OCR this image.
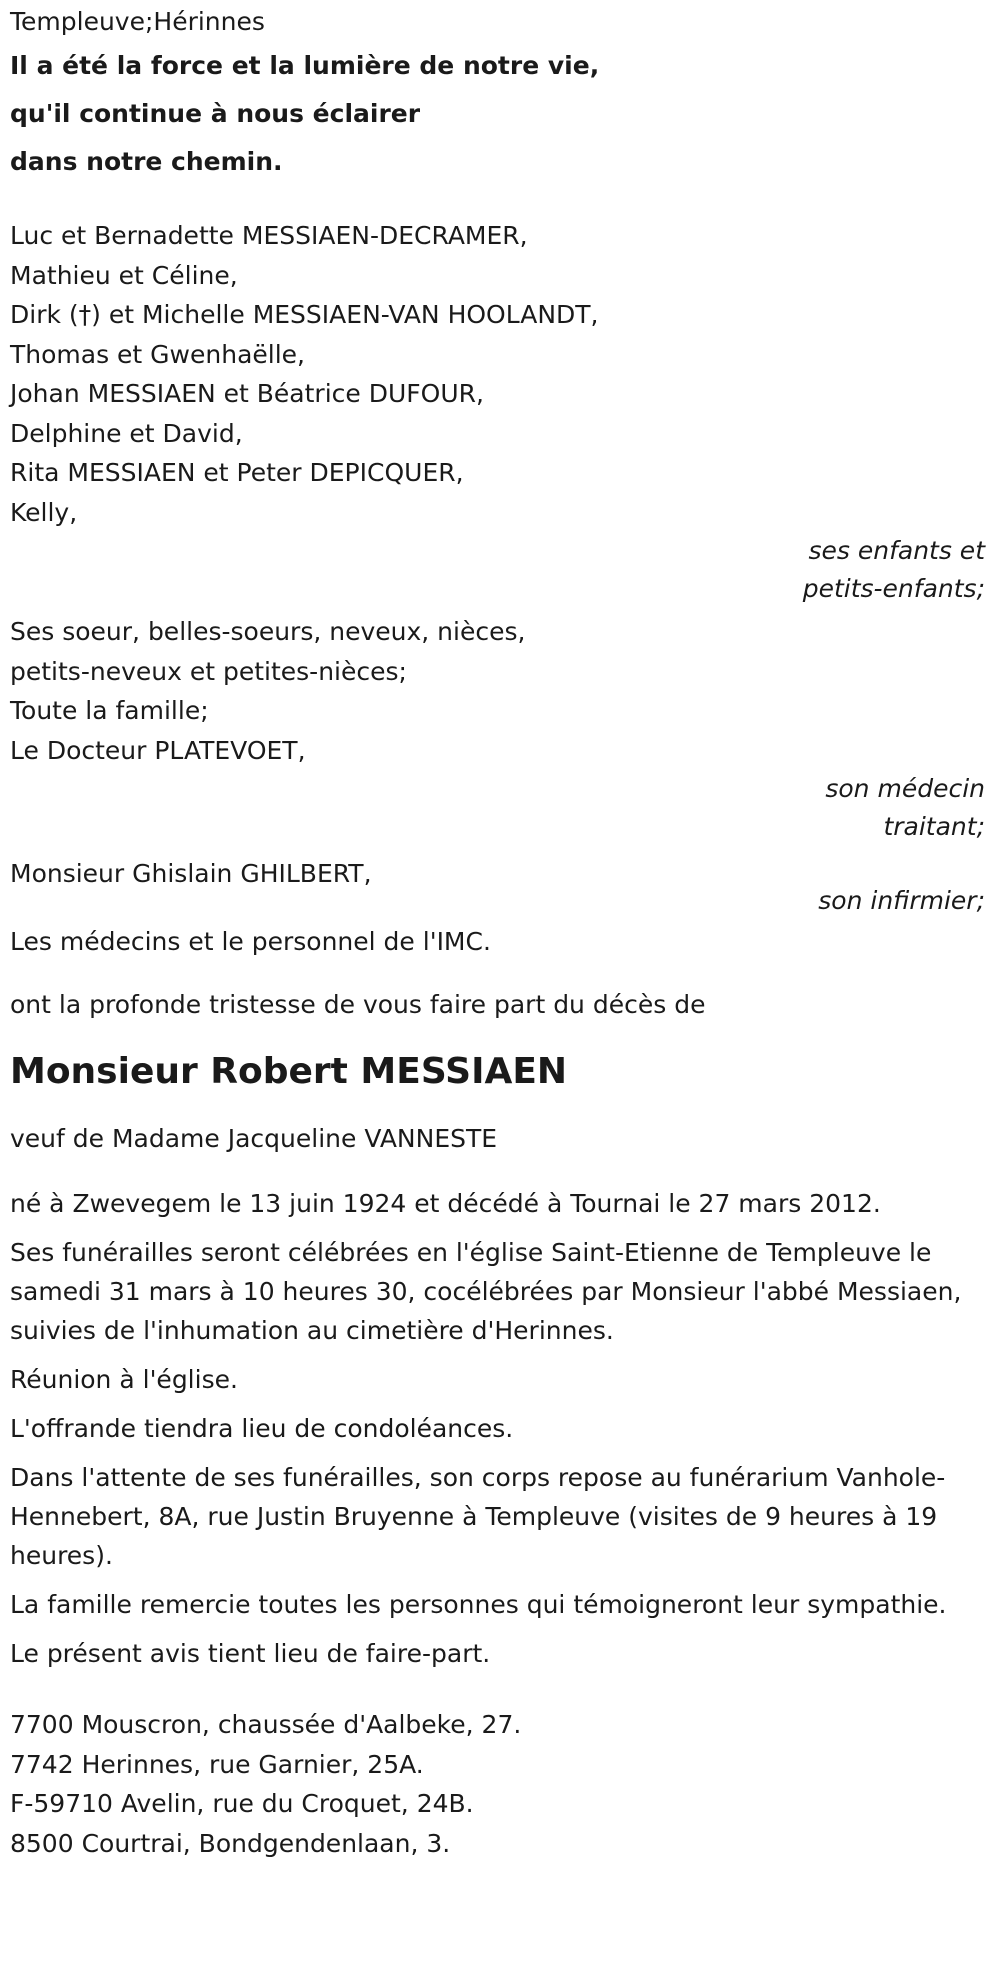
Templeuve;Hérinnes
Il a été la force et la lumière de notre vie,
qu'il continue à nous éclairer
dans notre chemin.
Luc et Bernadette MESSIAEN-DECRAMER,
Mathieu et Céline,
Dirk (†) et Michelle MESSIAEN-VAN HOOLANDT,
Thomas et Gwenhaëlle,
Johan MESSIAEN et Béatrice DUFOUR,
Delphine et David,
Rita MESSIAEN et Peter DEPICQUER,
Kelly,
ses enfants et
petits-enfants;
Ses soeur, belles-soeurs, neveux, nièces,
petits-neveux et petites-nièces;
Toute la famille;
Le Docteur PLATEVOET,
son médecin
traitant;
Monsieur Ghislain GHILBERT,
son infirmier;
Les médecins et le personnel de l'IMC.
ont la profonde tristesse de vous faire part du décès de
Monsieur Robert MESSIAEN
veuf de Madame Jacqueline VANNESTE

né à Zwevegem le 13 juin 1924 et décédé à Tournai le 27 mars 2012.

Ses funérailles seront célébrées en l'église Saint-Etienne de Templeuve le samedi 31 mars à 10 heures 30, cocélébrées par Monsieur l'abbé Messiaen, suivies de l'inhumation au cimetière d'Herinnes.

Réunion à l'église.

L'offrande tiendra lieu de condoléances.

Dans l'attente de ses funérailles, son corps repose au funérarium Vanhole-Hennebert, 8A, rue Justin Bruyenne à Templeuve (visites de 9 heures à 19 heures).

La famille remercie toutes les personnes qui témoigneront leur sympathie.

Le présent avis tient lieu de faire-part.

7700 Mouscron, chaussée d'Aalbeke, 27.
7742 Herinnes, rue Garnier, 25A.
F-59710 Avelin, rue du Croquet, 24B.
8500 Courtrai, Bondgendenlaan, 3.
